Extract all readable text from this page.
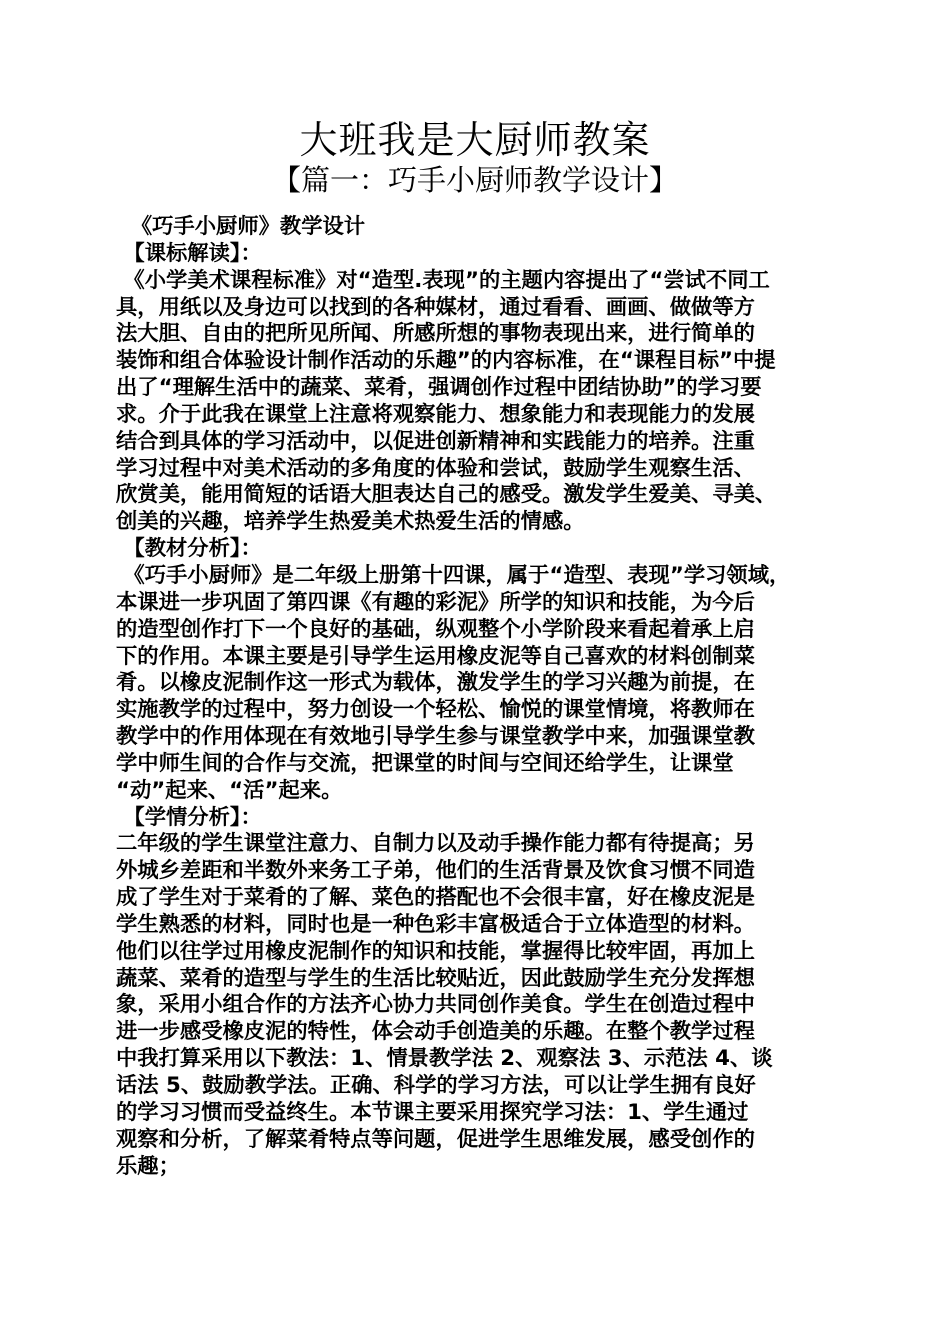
大班我是大厨师教案
【篇一：巧手小厨师教学设计】
《巧手小厨师》教学设计
【课标解读】：
《小学美术课程标准》对“造型.表现”的主题内容提出了“尝试不同工
具，用纸以及身边可以找到的各种媒材，通过看看、画画、做做等方
法大胆、自由的把所见所闻、所感所想的事物表现出来，进行简单的
装饰和组合体验设计制作活动的乐趣”的内容标准，在“课程目标”中提
出了“理解生活中的蔬菜、菜肴，强调创作过程中团结协助”的学习要
求。介于此我在课堂上注意将观察能力、想象能力和表现能力的发展
结合到具体的学习活动中，以促进创新精神和实践能力的培养。注重
学习过程中对美术活动的多角度的体验和尝试，鼓励学生观察生活、
欣赏美，能用简短的话语大胆表达自己的感受。激发学生爱美、寻美、
创美的兴趣，培养学生热爱美术热爱生活的情感。
【教材分析】：
《巧手小厨师》是二年级上册第十四课，属于“造型、表现”学习领域，
本课进一步巩固了第四课《有趣的彩泥》所学的知识和技能，为今后
的造型创作打下一个良好的基础，纵观整个小学阶段来看起着承上启
下的作用。本课主要是引导学生运用橡皮泥等自己喜欢的材料创制菜
肴。以橡皮泥制作这一形式为载体，激发学生的学习兴趣为前提，在
实施教学的过程中，努力创设一个轻松、愉悦的课堂情境，将教师在
教学中的作用体现在有效地引导学生参与课堂教学中来，加强课堂教
学中师生间的合作与交流，把课堂的时间与空间还给学生，让课堂
“动”起来、“活”起来。
【学情分析】：
二年级的学生课堂注意力、自制力以及动手操作能力都有待提高；另
外城乡差距和半数外来务工子弟，他们的生活背景及饮食习惯不同造
成了学生对于菜肴的了解、菜色的搭配也不会很丰富，好在橡皮泥是
学生熟悉的材料，同时也是一种色彩丰富极适合于立体造型的材料。
他们以往学过用橡皮泥制作的知识和技能，掌握得比较牢固，再加上
蔬菜、菜肴的造型与学生的生活比较贴近，因此鼓励学生充分发挥想
象，采用小组合作的方法齐心协力共同创作美食。学生在创造过程中
进一步感受橡皮泥的特性，体会动手创造美的乐趣。在整个教学过程
中我打算采用以下教法：1、情景教学法 2、观察法 3、示范法 4、谈
话法 5、鼓励教学法。正确、科学的学习方法，可以让学生拥有良好
的学习习惯而受益终生。本节课主要采用探究学习法：1、学生通过
观察和分析，了解菜肴特点等问题，促进学生思维发展，感受创作的
乐趣；
